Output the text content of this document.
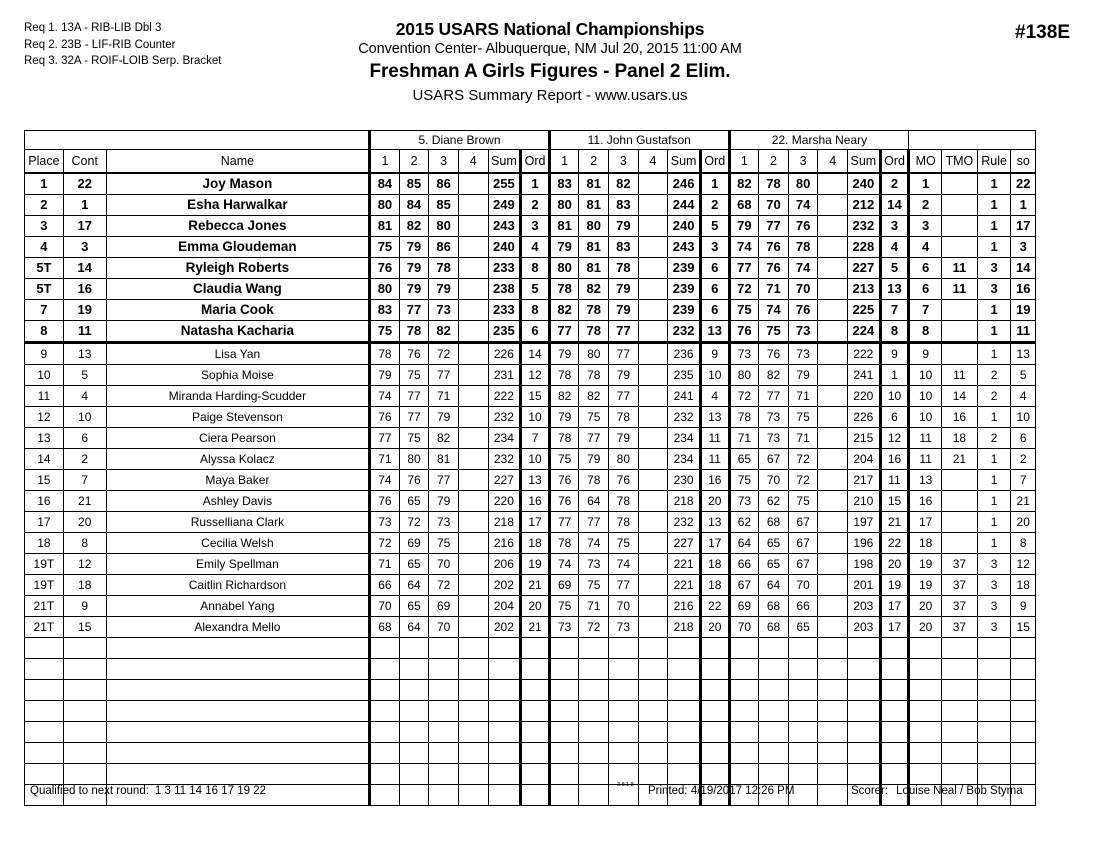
Req 1. 13A - RIB-LIB Dbl 3
Req 2. 23B - LIF-RIB Counter
Req 3. 32A - ROIF-LOIB Serp. Bracket
2015 USARS National Championships
Convention Center- Albuquerque, NM Jul 20, 2015 11:00 AM
Freshman A Girls Figures - Panel 2 Elim.
USARS Summary Report - www.usars.us
#138E
			5. Diane Brown						11. John Gustafson						22. Marsha Neary									
Place	Cont	Name	1	2	3	4	Sum	Ord	1	2	3	4	Sum	Ord	1	2	3	4	Sum	Ord	MO	TMO	Rule	so
1	22	Joy Mason	84	85	86		255	1	83	81	82		246	1	82	78	80		240	2	1		1	22
2	1	Esha Harwalkar	80	84	85		249	2	80	81	83		244	2	68	70	74		212	14	2		1	1
3	17	Rebecca Jones	81	82	80		243	3	81	80	79		240	5	79	77	76		232	3	3		1	17
4	3	Emma Gloudeman	75	79	86		240	4	79	81	83		243	3	74	76	78		228	4	4		1	3
5T	14	Ryleigh Roberts	76	79	78		233	8	80	81	78		239	6	77	76	74		227	5	6	11	3	14
5T	16	Claudia Wang	80	79	79		238	5	78	82	79		239	6	72	71	70		213	13	6	11	3	16
7	19	Maria Cook	83	77	73		233	8	82	78	79		239	6	75	74	76		225	7	7		1	19
8	11	Natasha Kacharia	75	78	82		235	6	77	78	77		232	13	76	75	73		224	8	8		1	11
9	13	Lisa Yan	78	76	72		226	14	79	80	77		236	9	73	76	73		222	9	9		1	13
10	5	Sophia Moise	79	75	77		231	12	78	78	79		235	10	80	82	79		241	1	10	11	2	5
11	4	Miranda Harding-Scudder	74	77	71		222	15	82	82	77		241	4	72	77	71		220	10	10	14	2	4
12	10	Paige Stevenson	76	77	79		232	10	79	75	78		232	13	78	73	75		226	6	10	16	1	10
13	6	Ciera Pearson	77	75	82		234	7	78	77	79		234	11	71	73	71		215	12	11	18	2	6
14	2	Alyssa Kolacz	71	80	81		232	10	75	79	80		234	11	65	67	72		204	16	11	21	1	2
15	7	Maya Baker	74	76	77		227	13	76	78	76		230	16	75	70	72		217	11	13		1	7
16	21	Ashley Davis	76	65	79		220	16	76	64	78		218	20	73	62	75		210	15	16		1	21
17	20	Russelliana Clark	73	72	73		218	17	77	77	78		232	13	62	68	67		197	21	17		1	20
18	8	Cecilia Welsh	72	69	75		216	18	78	74	75		227	17	64	65	67		196	22	18		1	8
19T	12	Emily Spellman	71	65	70		206	19	74	73	74		221	18	66	65	67		198	20	19	37	3	12
19T	18	Caitlin Richardson	66	64	72		202	21	69	75	77		221	18	67	64	70		201	19	19	37	3	18
21T	9	Annabel Yang	70	65	69		204	20	75	71	70		216	22	69	68	66		203	17	20	37	3	9
21T	15	Alexandra Mello	68	64	70		202	21	73	72	73		218	20	70	68	65		203	17	20	37	3	15

Qualified to next round: 1 3 11 14 16 17 19 22	3.8.1.8 Printed: 4/19/2017 12:26 PM	Scorer: Louise Neal / Bob Styma
